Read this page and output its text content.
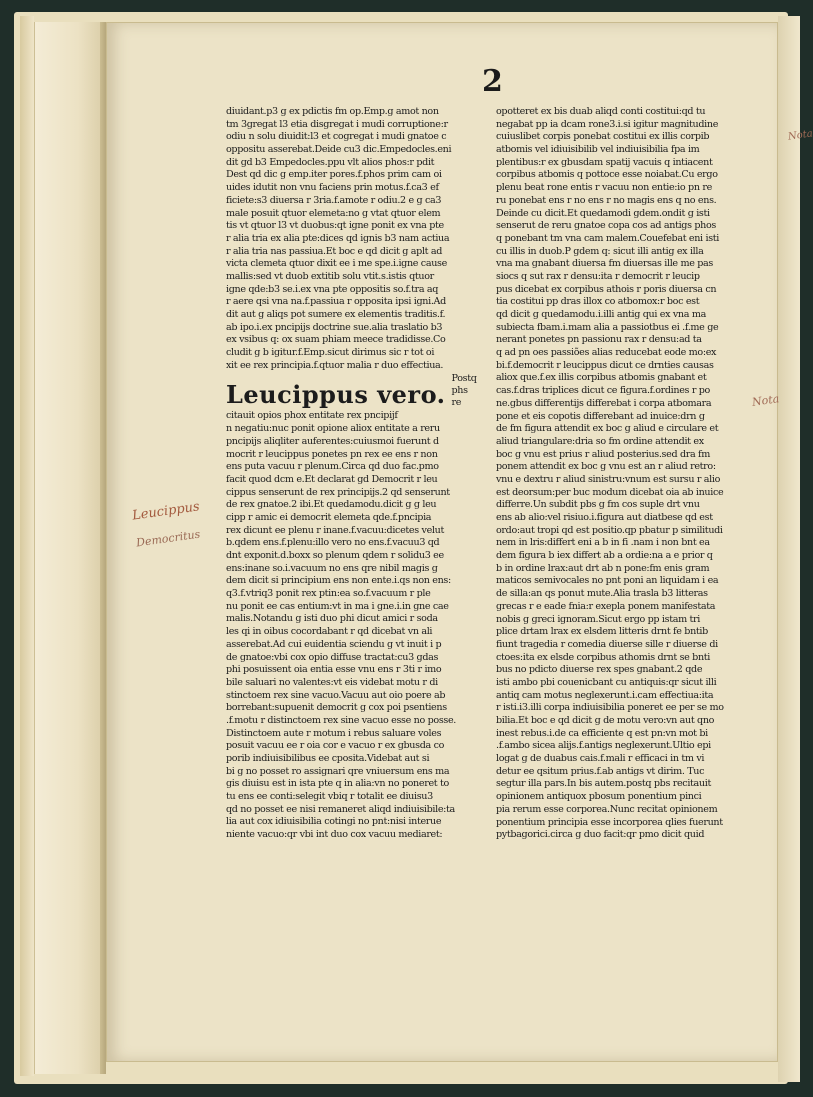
2
Leucippus
Democritus
Nota
Nota
diuidant.p3 g ex pdictis fm op.Emp.g amot non
tm 3gregat l3 etia disgregat i mudi corruptione:r
odiu n solu diuidit:l3 et cogregat i mudi gnatoe c
oppositu asserebat.Deide cu3 dic.Empedocles.eni
dit gd b3 Empedocles.ppu vlt alios phos:r pdit
Dest qd dic g emp.iter pores.f.phos prim cam oi
uides idutit non vnu faciens prin motus.f.ca3 ef
ficiete:s3 diuersa r 3ria.f.amote r odiu.2 e g ca3
male posuit qtuor elemeta:no g vtat qtuor elem
tis vt qtuor l3 vt duobus:qt igne ponit ex vna pte
r alia tria ex alia pte:dices qd ignis b3 nam actiua
r alia tria nas passiua.Et boc e qd dicit g aplt ad
victa clemeta qtuor dixit ee i me spe.i.igne cause
mallis:sed vt duob extitib solu vtit.s.istis qtuor
igne qde:b3 se.i.ex vna pte oppositis so.f.tra aq
r aere qsi vna na.f.passiua r opposita ipsi igni.Ad
dit aut g aliqs pot sumere ex elementis traditis.f.
ab ipo.i.ex pncipijs doctrine sue.alia traslatio b3
ex vsibus q: ox suam phiam meece tradidisse.Co
cludit g b igitur.f.Emp.sicut dirimus sic r tot oi
xit ee rex principia.f.qtuor malia r duo effectiua.
Leucippus vero.
Postq
phs re
citauit opios phox entitate rex pncipijf
n negatiu:nuc ponit opione aliox entitate a reru
pncipijs aliqliter auferentes:cuiusmoi fuerunt d
mocrit r leucippus ponetes pn rex ee ens r non
ens puta vacuu r plenum.Circa qd duo fac.pmo
facit quod dcm e.Et declarat gd Democrit r leu
cippus senserunt de rex principijs.2 qd senserunt
de rex gnatoe.2 ibi.Et quedamodu.dicit g g leu
cipp r amic ei democrit elemeta qde.f.pncipia
rex dicunt ee plenu r inane.f.vacuu:dicetes velut
b.qdem ens.f.plenu:illo vero no ens.f.vacuu3 qd
dnt exponit.d.boxx so plenum qdem r solidu3 ee
ens:inane so.i.vacuum no ens qre nibil magis g
dem dicit si principium ens non ente.i.qs non ens:
q3.f.vtriq3 ponit rex ptin:ea so.f.vacuum r ple
nu ponit ee cas entium:vt in ma i gne.i.in gne cae
malis.Notandu g isti duo phi dicut amici r soda
les qi in oibus cocordabant r qd dicebat vn ali
asserebat.Ad cui euidentia sciendu g vt inuit i p
de gnatoe:vbi cox opio diffuse tractat:cu3 gdas
phi posuissent oia entia esse vnu ens r 3ti r imo
bile saluari no valentes:vt eis videbat motu r di
stinctoem rex sine vacuo.Vacuu aut oio poere ab
borrebant:supuenit democrit g cox poi psentiens
.f.motu r distinctoem rex sine vacuo esse no posse.
Distinctoem aute r motum i rebus saluare voles
posuit vacuu ee r oia cor e vacuo r ex gbusda co
porib indiuisibilibus ee cposita.Videbat aut si
bi g no posset ro assignari qre vniuersum ens ma
gis diuisu est in ista pte q in alia:vn no poneret to
tu ens ee conti:selegit vbiq r totalit ee diuisu3
qd no posset ee nisi remaneret aliqd indiuisibile:ta
lia aut cox idiuisibilia cotingi no pnt:nisi interue
niente vacuo:qr vbi int duo cox vacuu mediaret:
opotteret ex bis duab aliqd conti costitui:qd tu
negabat pp ia dcam rone3.i.si igitur magnitudine
cuiuslibet corpis ponebat costitui ex illis corpib
atbomis vel idiuisibilib vel indiuisibilia fpa im
plentibus:r ex gbusdam spatij vacuis q intiacent
corpibus atbomis q pottoce esse noiabat.Cu ergo
plenu beat rone entis r vacuu non entie:io pn re
ru ponebat ens r no ens r no magis ens q no ens.
Deinde cu dicit.Et quedamodi gdem.ondit g isti
senserut de reru gnatoe copa cos ad antigs phos
q ponebant tm vna cam malem.Couefebat eni isti
cu illis in duob.P gdem q: sicut illi antig ex illa
vna ma gnabant diuersa fm diuersas ille me pas
siocs q sut rax r densu:ita r democrit r leucip
pus dicebat ex corpibus athois r poris diuersa cn
tia costitui pp dras illox co atbomox:r boc est
qd dicit g quedamodu.i.illi antig qui ex vna ma
subiecta fbam.i.mam alia a passiotbus ei .f.me ge
nerant ponetes pn passionu rax r densu:ad ta
q ad pn oes passiões alias reducebat eode mo:ex
bi.f.democrit r leucippus dicut ce drnties causas
aliox que.f.ex illis corpibus atbomis gnabant et
cas.f.dras triplices dicut ce figura.f.ordines r po
ne.gbus differentijs differebat i corpa atbomara
pone et eis copotis differebant ad inuice:drn g
de fm figura attendit ex boc g aliud e circulare et
aliud triangulare:dria so fm ordine attendit ex
boc g vnu est prius r aliud posterius.sed dra fm
ponem attendit ex boc g vnu est an r aliud retro:
vnu e dextru r aliud sinistru:vnum est sursu r alio
est deorsum:per buc modum dicebat oia ab inuice
differre.Un subdit pbs g fm cos suple drt vnu
ens ab alio:vel risiuo.i.figura aut diatbese qd est
ordo:aut tropi qd est positio.qp pbatur p similitudi
nem in lris:differt eni a b in fi .nam i non bnt ea
dem figura b iex differt ab a ordie:na a e prior q
b in ordine lrax:aut drt ab n pone:fm enis gram
maticos semivocales no pnt poni an liquidam i ea
de silla:an qs ponut mute.Alia trasla b3 litteras
grecas r e eade fnia:r exepla ponem manifestata
nobis g greci ignoram.Sicut ergo pp istam tri
plice drtam lrax ex elsdem litteris drnt fe bntib
fiunt tragedia r comedia diuerse sille r diuerse di
ctoes:ita ex elsde corpibus athomis drnt se bnti
bus no pdicto diuerse rex spes gnabant.2 qde
isti ambo pbi couenicbant cu antiquis:qr sicut illi
antiq cam motus neglexerunt.i.cam effectiua:ita
r isti.i3.illi corpa indiuisibilia poneret ee per se mo
bilia.Et boc e qd dicit g de motu vero:vn aut qno
inest rebus.i.de ca efficiente q est pn:vn mot bi
.f.ambo sicea alijs.f.antigs neglexerunt.Ultio epi
logat g de duabus cais.f.mali r efficaci in tm vi
detur ee qsitum prius.f.ab antigs vt dirim. Tuc
segtur illa pars.In bis autem.postq pbs recitauit
opinionem antiquox pbosum ponentium pinci
pia rerum esse corporea.Nunc recitat opinionem
ponentium principia esse incorporea qlies fuerunt
pytbagorici.circa g duo facit:qr pmo dicit quid
